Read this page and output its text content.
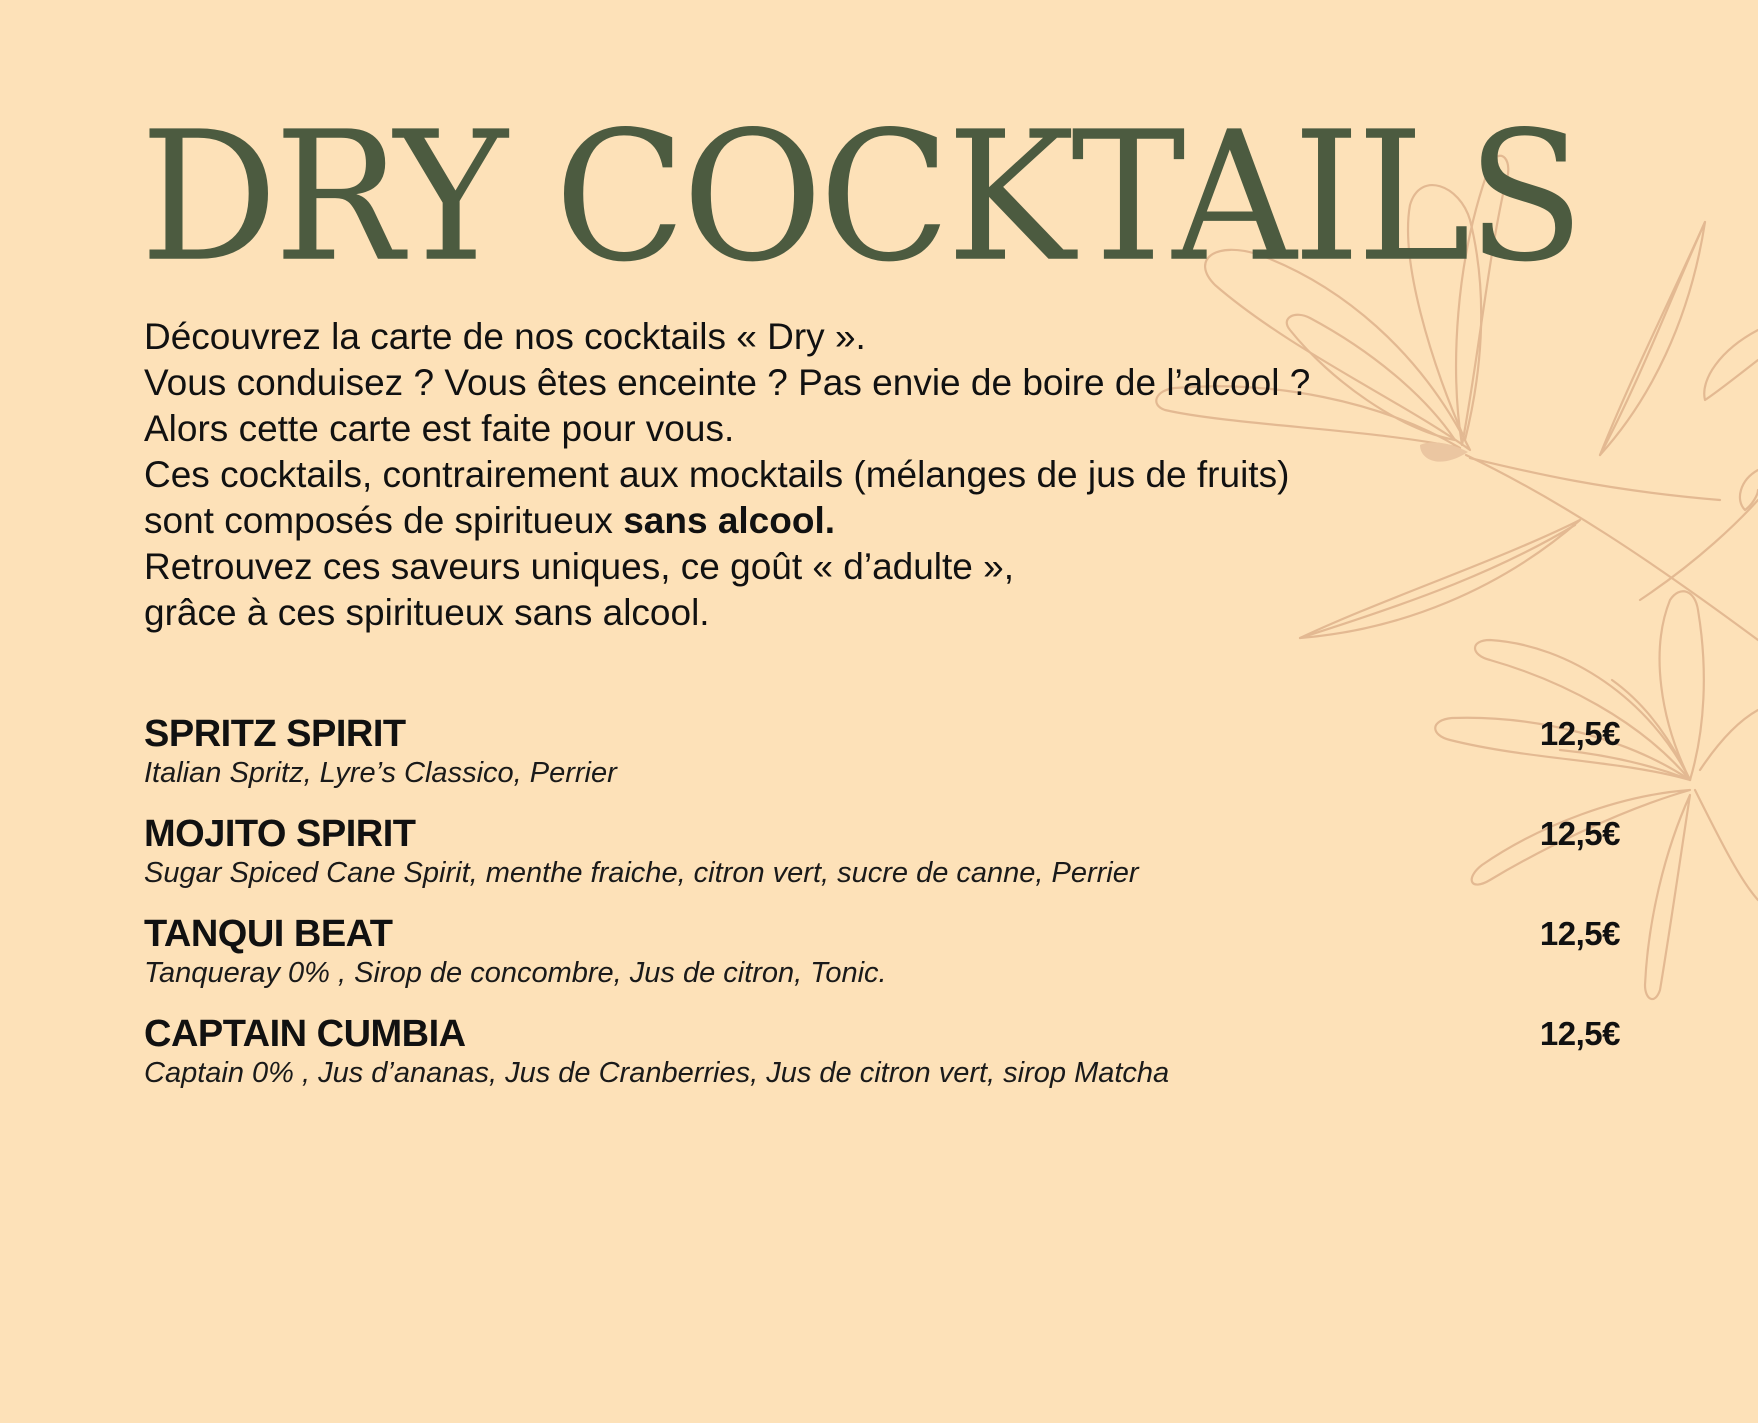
DRY COCKTAILS
Découvrez la carte de nos cocktails « Dry ».
Vous conduisez ? Vous êtes enceinte ? Pas envie de boire de l’alcool ?
Alors cette carte est faite pour vous.
Ces cocktails, contrairement aux mocktails (mélanges de jus de fruits)
sont composés de spiritueux sans alcool.
Retrouvez ces saveurs uniques, ce goût « d’adulte »,
grâce à ces spiritueux sans alcool.
SPRITZ SPIRIT
Italian Spritz, Lyre’s Classico, Perrier
12,5€
MOJITO SPIRIT
Sugar Spiced Cane Spirit, menthe fraiche, citron vert, sucre de canne, Perrier
12,5€
TANQUI BEAT
Tanqueray 0% , Sirop de concombre, Jus de citron, Tonic.
12,5€
CAPTAIN CUMBIA
Captain 0% , Jus d’ananas, Jus de Cranberries, Jus de citron vert, sirop Matcha
12,5€
